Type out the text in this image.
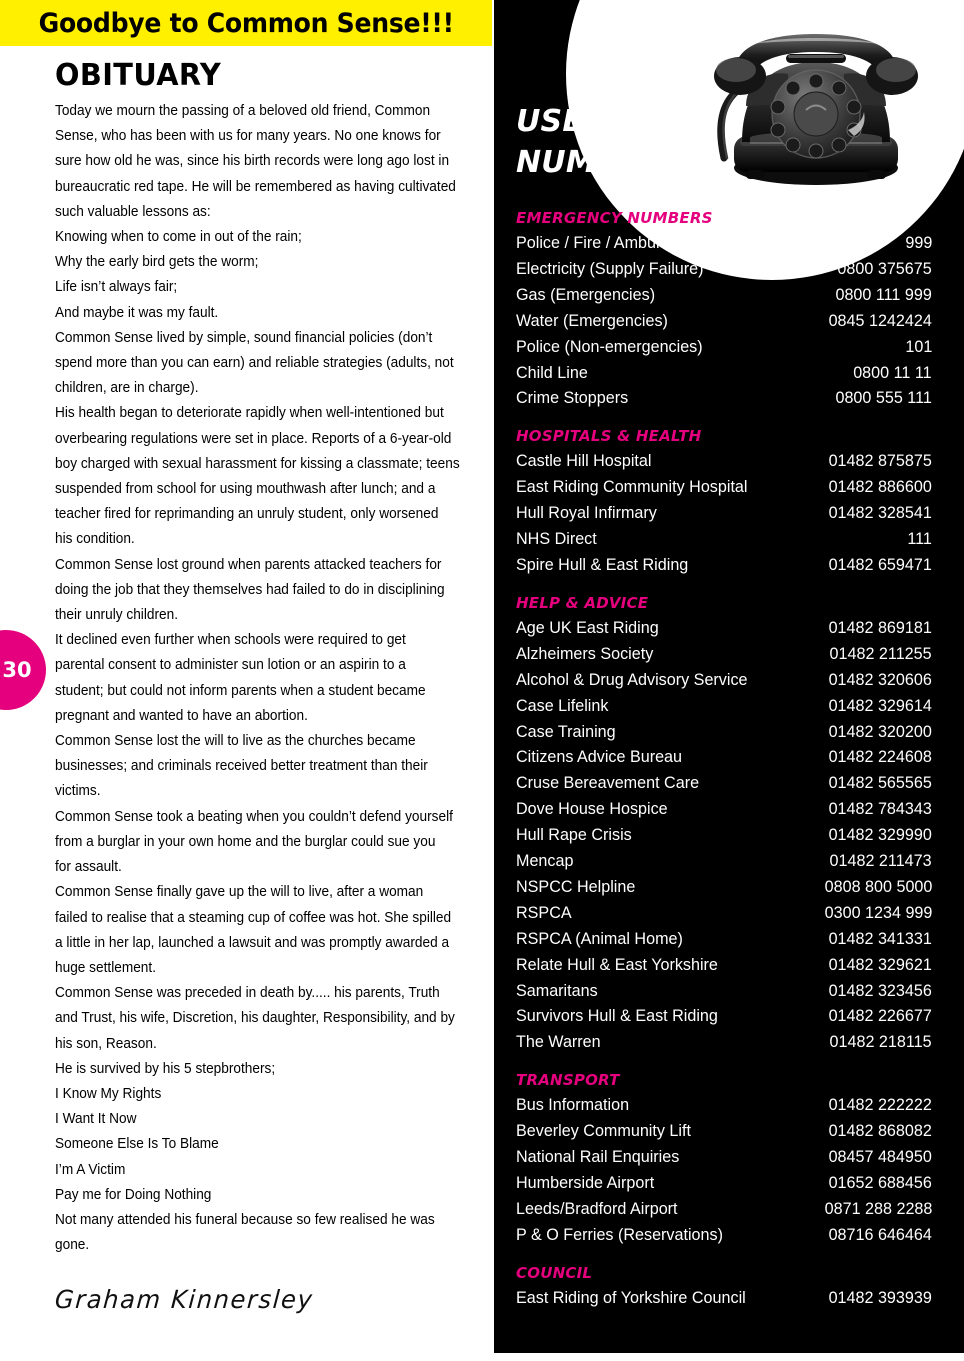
Goodbye to Common Sense!!!
OBITUARY
Today we mourn the passing of a beloved old friend, Common
Sense, who has been with us for many years. No one knows for
sure how old he was, since his birth records were long ago lost in
bureaucratic red tape. He will be remembered as having cultivated
such valuable lessons as:
Knowing when to come in out of the rain;
Why the early bird gets the worm;
Life isn’t always fair;
And maybe it was my fault.
Common Sense lived by simple, sound financial policies (don’t
spend more than you can earn) and reliable strategies (adults, not
children, are in charge).
His health began to deteriorate rapidly when well-intentioned but
overbearing regulations were set in place. Reports of a 6-year-old
boy charged with sexual harassment for kissing a classmate; teens
suspended from school for using mouthwash after lunch; and a
teacher fired for reprimanding an unruly student, only worsened
his condition.
Common Sense lost ground when parents attacked teachers for
doing the job that they themselves had failed to do in disciplining
their unruly children.
It declined even further when schools were required to get
parental consent to administer sun lotion or an aspirin to a
student; but could not inform parents when a student became
pregnant and wanted to have an abortion.
Common Sense lost the will to live as the churches became
businesses; and criminals received better treatment than their
victims.
Common Sense took a beating when you couldn’t defend yourself
from a burglar in your own home and the burglar could sue you
for assault.
Common Sense finally gave up the will to live, after a woman
failed to realise that a steaming cup of coffee was hot. She spilled
a little in her lap, launched a lawsuit and was promptly awarded a
huge settlement.
Common Sense was preceded in death by..... his parents, Truth
and Trust, his wife, Discretion, his daughter, Responsibility, and by
his son, Reason.
He is survived by his 5 stepbrothers;
I Know My Rights
I Want It Now
Someone Else Is To Blame
I’m A Victim
Pay me for Doing Nothing
Not many attended his funeral because so few realised he was
gone.
Graham Kinnersley
30
USEFUL
NUMBERS
EMERGENCY NUMBERS
Police / Fire / Ambulance	999
Electricity (Supply Failure)	0800 375675
Gas (Emergencies)	0800 111 999
Water (Emergencies)	0845 1242424
Police (Non-emergencies)	101
Child Line	0800 11 11
Crime Stoppers	0800 555 111
HOSPITALS & HEALTH
Castle Hill Hospital	01482 875875
East Riding Community Hospital	01482 886600
Hull Royal Infirmary	01482 328541
NHS Direct	111
Spire Hull & East Riding	01482 659471
HELP & ADVICE
Age UK East Riding	01482 869181
Alzheimers Society	01482 211255
Alcohol & Drug Advisory Service	01482 320606
Case Lifelink	01482 329614
Case Training	01482 320200
Citizens Advice Bureau	01482 224608
Cruse Bereavement Care	01482 565565
Dove House Hospice	01482 784343
Hull Rape Crisis	01482 329990
Mencap	01482 211473
NSPCC Helpline	0808 800 5000
RSPCA	0300 1234 999
RSPCA (Animal Home)	01482 341331
Relate Hull & East Yorkshire	01482 329621
Samaritans	01482 323456
Survivors Hull & East Riding	01482 226677
The Warren	01482 218115
TRANSPORT
Bus Information	01482 222222
Beverley Community Lift	01482 868082
National Rail Enquiries	08457 484950
Humberside Airport	01652 688456
Leeds/Bradford Airport	0871 288 2288
P & O Ferries (Reservations)	08716 646464
COUNCIL
East Riding of Yorkshire Council	01482 393939
